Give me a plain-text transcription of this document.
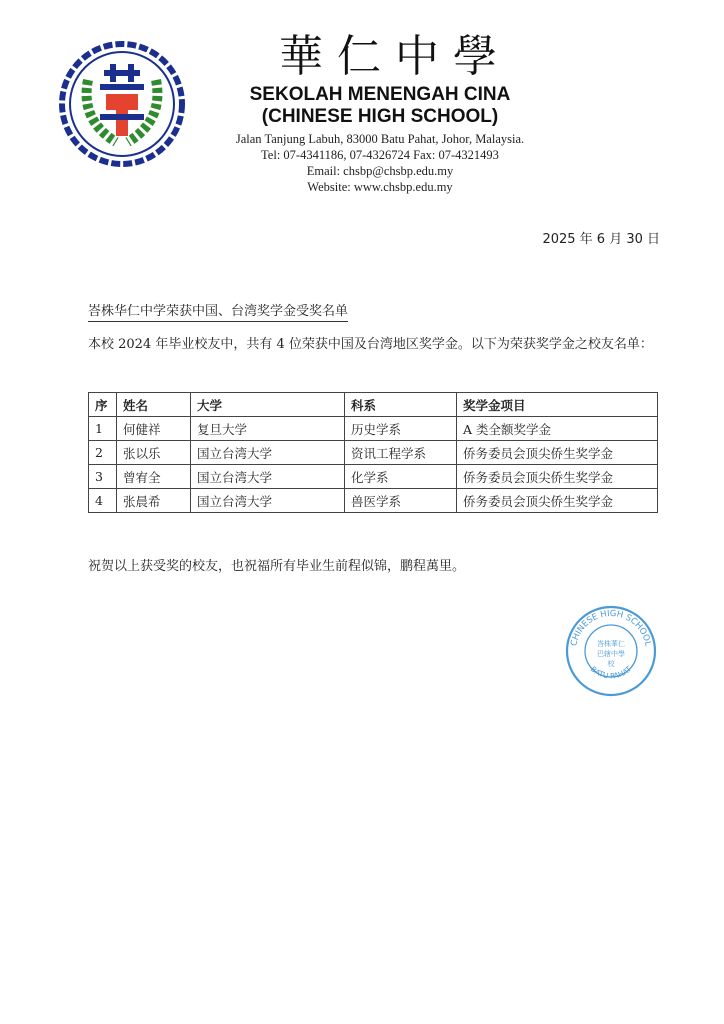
華仁中學
SEKOLAH MENENGAH CINA
(CHINESE HIGH SCHOOL)
Jalan Tanjung Labuh, 83000 Batu Pahat, Johor, Malaysia.
Tel: 07-4341186, 07-4326724 Fax: 07-4321493
Email: chsbp@chsbp.edu.my
Website: www.chsbp.edu.my
2025 年 6 月 30 日
峇株华仁中学荣获中国、台湾奖学金受奖名单
本校 2024 年毕业校友中，共有 4 位荣获中国及台湾地区奖学金。以下为荣获奖学金之校友名单：
序	姓名	大学	科系	奖学金项目
1	何健祥	复旦大学	历史学系	A 类全额奖学金
2	张以乐	国立台湾大学	资讯工程学系	侨务委员会顶尖侨生奖学金
3	曾宥全	国立台湾大学	化学系	侨务委员会顶尖侨生奖学金
4	张晨希	国立台湾大学	兽医学系	侨务委员会顶尖侨生奖学金
祝贺以上获受奖的校友，也祝福所有毕业生前程似锦，鹏程萬里。
CHINESE HIGH SCHOOL
BATU PAHAT
峇株華仁
巴辖中學
校
